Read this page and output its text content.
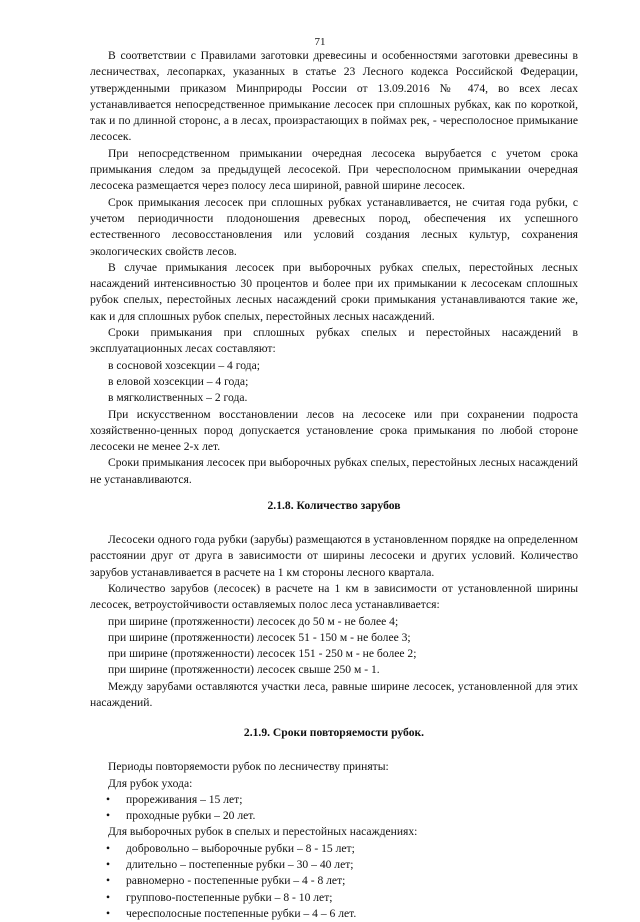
71

В соответствии с Правилами заготовки древесины и особенностями заготовки древесины в лесничествах, лесопарках, указанных в статье 23 Лесного кодекса Российской Федерации, утвержденными приказом Минприроды России от 13.09.2016 № 474, во всех лесах устанавливается непосредственное примыкание лесосек при сплошных рубках, как по короткой, так и по длинной сторонс, а в лесах, произрастающих в поймах рек, - чересполосное примыкание лесосек.

При непосредственном примыкании очередная лесосека вырубается с учетом срока примыкания следом за предыдущей лесосекой. При чересполосном примыкании очередная лесосека размещается через полосу леса шириной, равной ширине лесосек.

Срок примыкания лесосек при сплошных рубках устанавливается, не считая года рубки, с учетом периодичности плодоношения древесных пород, обеспечения их успешного естественного лесовосстановления или условий создания лесных культур, сохранения экологических свойств лесов.

В случае примыкания лесосек при выборочных рубках спелых, перестойных лесных насаждений интенсивностью 30 процентов и более при их примыкании к лесосекам сплошных рубок спелых, перестойных лесных насаждений сроки примыкания устанавливаются такие же, как и для сплошных рубок спелых, перестойных лесных насаждений.

Сроки примыкания при сплошных рубках спелых и перестойных насаждений в эксплуатационных лесах составляют:

в сосновой хозсекции – 4 года;
в еловой хозсекции – 4 года;
в мягколиственных – 2 года.

При искусственном восстановлении лесов на лесосеке или при сохранении подроста хозяйственно-ценных пород допускается установление срока примыкания по любой стороне лесосеки не менее 2-х лет.

Сроки примыкания лесосек при выборочных рубках спелых, перестойных лесных насаждений не устанавливаются.

2.1.8. Количество зарубов

Лесосеки одного года рубки (зарубы) размещаются в установленном порядке на определенном расстоянии друг от друга в зависимости от ширины лесосеки и других условий. Количество зарубов устанавливается в расчете на 1 км стороны лесного квартала.

Количество зарубов (лесосек) в расчете на 1 км в зависимости от установленной ширины лесосек, ветроустойчивости оставляемых полос леса устанавливается:

при ширине (протяженности) лесосек до 50 м - не более 4;
при ширине (протяженности) лесосек 51 - 150 м - не более 3;
при ширине (протяженности) лесосек 151 - 250 м - не более 2;
при ширине (протяженности) лесосек свыше 250 м - 1.

Между зарубами оставляются участки леса, равные ширине лесосек, установленной для этих насаждений.

2.1.9. Сроки повторяемости рубок.
Периоды повторяемости рубок по лесничеству приняты:
Для рубок ухода:
• прореживания – 15 лет;
• проходные рубки – 20 лет.
Для выборочных рубок в спелых и перестойных насаждениях:
• добровольно – выборочные рубки – 8 - 15 лет;
• длительно – постепенные рубки – 30 – 40 лет;
• равномерно - постепенные рубки – 4 - 8 лет;
• группово-постепенные рубки – 8 - 10 лет;
• чересполосные постепенные рубки – 4 – 6 лет.
